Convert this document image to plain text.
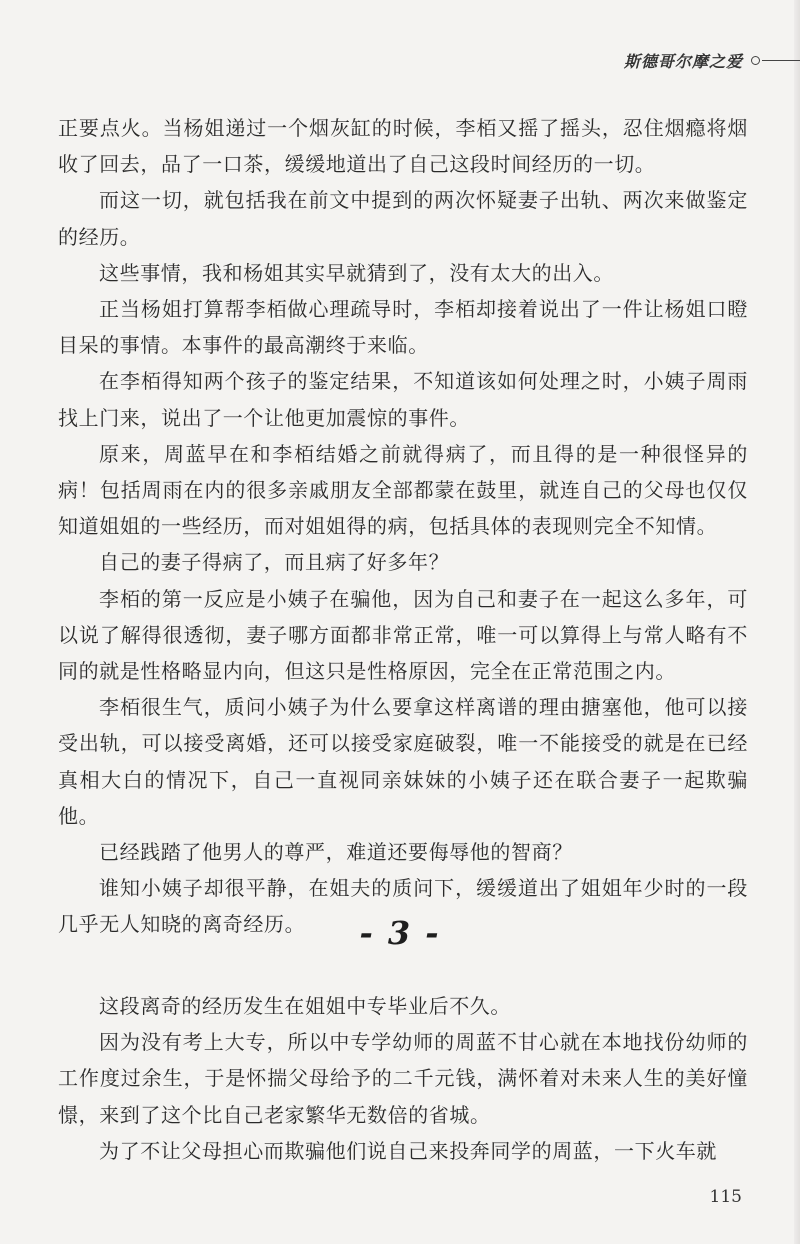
斯德哥尔摩之爱

正要点火。当杨姐递过一个烟灰缸的时候，李栢又摇了摇头，忍住烟瘾将烟收了回去，品了一口茶，缓缓地道出了自己这段时间经历的一切。

而这一切，就包括我在前文中提到的两次怀疑妻子出轨、两次来做鉴定的经历。

这些事情，我和杨姐其实早就猜到了，没有太大的出入。

正当杨姐打算帮李栢做心理疏导时，李栢却接着说出了一件让杨姐口瞪目呆的事情。本事件的最高潮终于来临。

在李栢得知两个孩子的鉴定结果，不知道该如何处理之时，小姨子周雨找上门来，说出了一个让他更加震惊的事件。

原来，周蓝早在和李栢结婚之前就得病了，而且得的是一种很怪异的病！包括周雨在内的很多亲戚朋友全部都蒙在鼓里，就连自己的父母也仅仅知道姐姐的一些经历，而对姐姐得的病，包括具体的表现则完全不知情。

自己的妻子得病了，而且病了好多年？

李栢的第一反应是小姨子在骗他，因为自己和妻子在一起这么多年，可以说了解得很透彻，妻子哪方面都非常正常，唯一可以算得上与常人略有不同的就是性格略显内向，但这只是性格原因，完全在正常范围之内。

李栢很生气，质问小姨子为什么要拿这样离谱的理由搪塞他，他可以接受出轨，可以接受离婚，还可以接受家庭破裂，唯一不能接受的就是在已经真相大白的情况下，自己一直视同亲妹妹的小姨子还在联合妻子一起欺骗他。

已经践踏了他男人的尊严，难道还要侮辱他的智商？

谁知小姨子却很平静，在姐夫的质问下，缓缓道出了姐姐年少时的一段几乎无人知晓的离奇经历。	- 3 -

这段离奇的经历发生在姐姐中专毕业后不久。

因为没有考上大专，所以中专学幼师的周蓝不甘心就在本地找份幼师的工作度过余生，于是怀揣父母给予的二千元钱，满怀着对未来人生的美好憧憬，来到了这个比自己老家繁华无数倍的省城。

为了不让父母担心而欺骗他们说自己来投奔同学的周蓝，一下火车就

115
